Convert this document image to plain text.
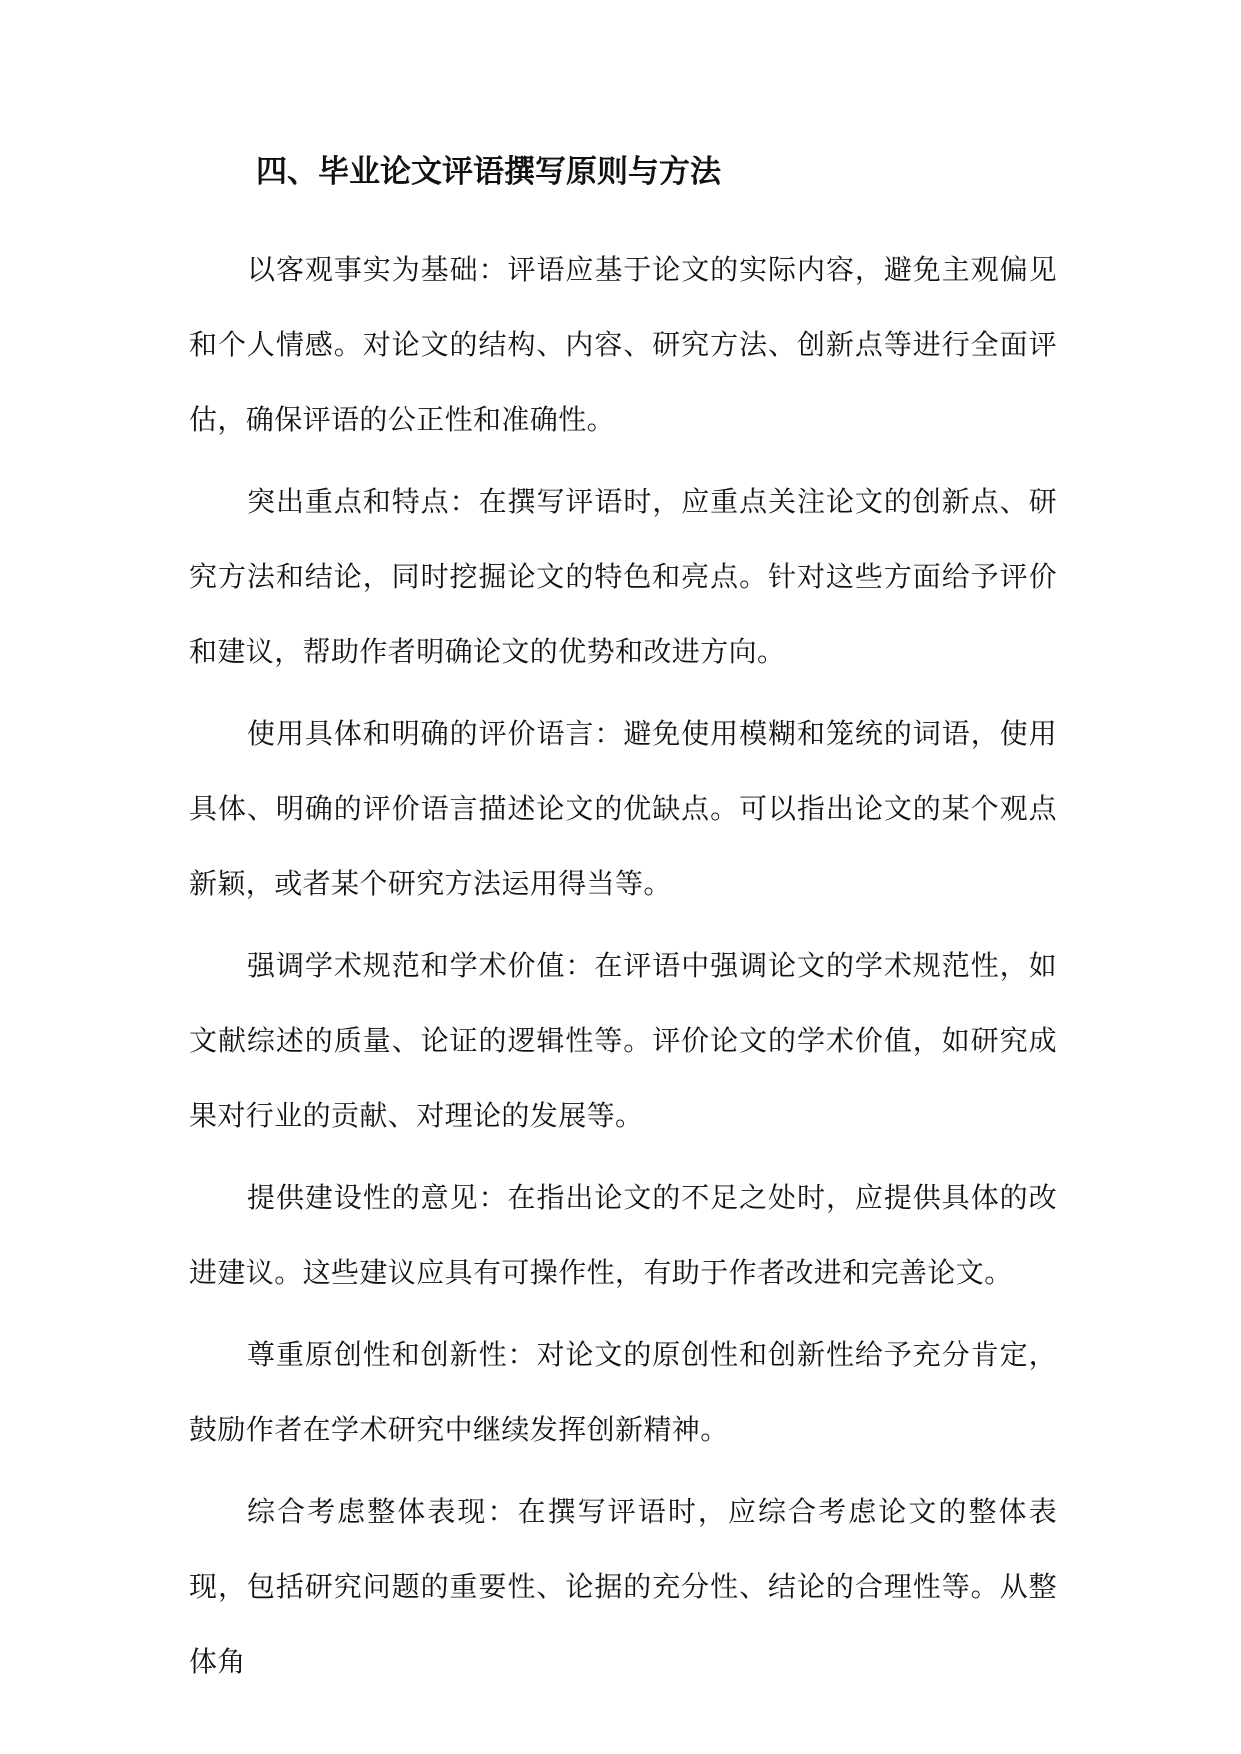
四、毕业论文评语撰写原则与方法

以客观事实为基础：评语应基于论文的实际内容，避免主观偏见和个人情感。对论文的结构、内容、研究方法、创新点等进行全面评估，确保评语的公正性和准确性。

突出重点和特点：在撰写评语时，应重点关注论文的创新点、研究方法和结论，同时挖掘论文的特色和亮点。针对这些方面给予评价和建议，帮助作者明确论文的优势和改进方向。

使用具体和明确的评价语言：避免使用模糊和笼统的词语，使用具体、明确的评价语言描述论文的优缺点。可以指出论文的某个观点新颖，或者某个研究方法运用得当等。

强调学术规范和学术价值：在评语中强调论文的学术规范性，如文献综述的质量、论证的逻辑性等。评价论文的学术价值，如研究成果对行业的贡献、对理论的发展等。

提供建设性的意见：在指出论文的不足之处时，应提供具体的改进建议。这些建议应具有可操作性，有助于作者改进和完善论文。

尊重原创性和创新性：对论文的原创性和创新性给予充分肯定，鼓励作者在学术研究中继续发挥创新精神。

综合考虑整体表现：在撰写评语时，应综合考虑论文的整体表现，包括研究问题的重要性、论据的充分性、结论的合理性等。从整体角
